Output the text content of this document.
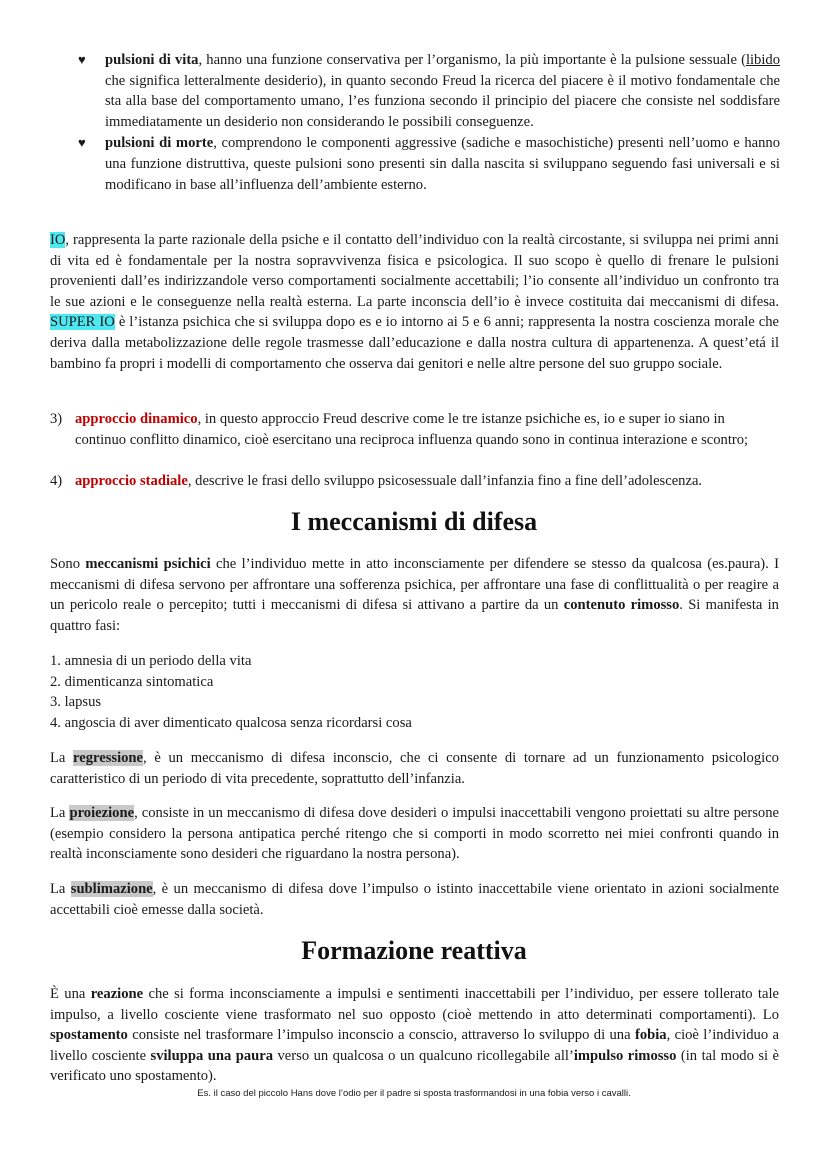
♥ pulsioni di vita, hanno una funzione conservativa per l’organismo, la più importante è la pulsione sessuale (libido che significa letteralmente desiderio), in quanto secondo Freud la ricerca del piacere è il motivo fondamentale che sta alla base del comportamento umano, l’es funziona secondo il principio del piacere che consiste nel soddisfare immediatamente un desiderio non considerando le possibili conseguenze.
♥ pulsioni di morte, comprendono le componenti aggressive (sadiche e masochistiche) presenti nell’uomo e hanno una funzione distruttiva, queste pulsioni sono presenti sin dalla nascita si sviluppano seguendo fasi universali e si modificano in base all’influenza dell’ambiente esterno.

IO, rappresenta la parte razionale della psiche e il contatto dell’individuo con la realtà circostante, si sviluppa nei primi anni di vita ed è fondamentale per la nostra sopravvivenza fisica e psicologica. Il suo scopo è quello di frenare le pulsioni provenienti dall’es indirizzandole verso comportamenti socialmente accettabili; l’io consente all’individuo un confronto tra le sue azioni e le conseguenze nella realtà esterna. La parte inconscia dell’io è invece costituita dai meccanismi di difesa. SUPER IO è l’istanza psichica che si sviluppa dopo es e io intorno ai 5 e 6 anni; rappresenta la nostra coscienza morale che deriva dalla metabolizzazione delle regole trasmesse dall’educazione e dalla nostra cultura di appartenenza. A quest’etá il bambino fa propri i modelli di comportamento che osserva dai genitori e nelle altre persone del suo gruppo sociale.

3) approccio dinamico, in questo approccio Freud descrive come le tre istanze psichiche es, io e super io siano in continuo conflitto dinamico, cioè esercitano una reciproca influenza quando sono in continua interazione e scontro;
4) approccio stadiale, descrive le frasi dello sviluppo psicosessuale dall’infanzia fino a fine dell’adolescenza.
I meccanismi di difesa

Sono meccanismi psichici che l’individuo mette in atto inconsciamente per difendere se stesso da qualcosa (es.paura). I meccanismi di difesa servono per affrontare una sofferenza psichica, per affrontare una fase di conflittualità o per reagire a un pericolo reale o percepito; tutti i meccanismi di difesa si attivano a partire da un contenuto rimosso. Si manifesta in quattro fasi:

1. amnesia di un periodo della vita
2. dimenticanza sintomatica
3. lapsus
4. angoscia di aver dimenticato qualcosa senza ricordarsi cosa

La regressione, è un meccanismo di difesa inconscio, che ci consente di tornare ad un funzionamento psicologico caratteristico di un periodo di vita precedente, soprattutto dell’infanzia.

La proiezione, consiste in un meccanismo di difesa dove desideri o impulsi inaccettabili vengono proiettati su altre persone (esempio considero la persona antipatica perché ritengo che si comporti in modo scorretto nei miei confronti quando in realtà inconsciamente sono desideri che riguardano la nostra persona).

La sublimazione, è un meccanismo di difesa dove l’impulso o istinto inaccettabile viene orientato in azioni socialmente accettabili cioè emesse dalla società.

Formazione reattiva

È una reazione che si forma inconsciamente a impulsi e sentimenti inaccettabili per l’individuo, per essere tollerato tale impulso, a livello cosciente viene trasformato nel suo opposto (cioè mettendo in atto determinati comportamenti). Lo spostamento consiste nel trasformare l’impulso inconscio a conscio, attraverso lo sviluppo di una fobia, cioè l’individuo a livello cosciente sviluppa una paura verso un qualcosa o un qualcuno ricollegabile all’impulso rimosso (in tal modo si è verificato uno spostamento).

Es. il caso del piccolo Hans dove l’odio per il padre si sposta trasformandosi in una fobia verso i cavalli.
